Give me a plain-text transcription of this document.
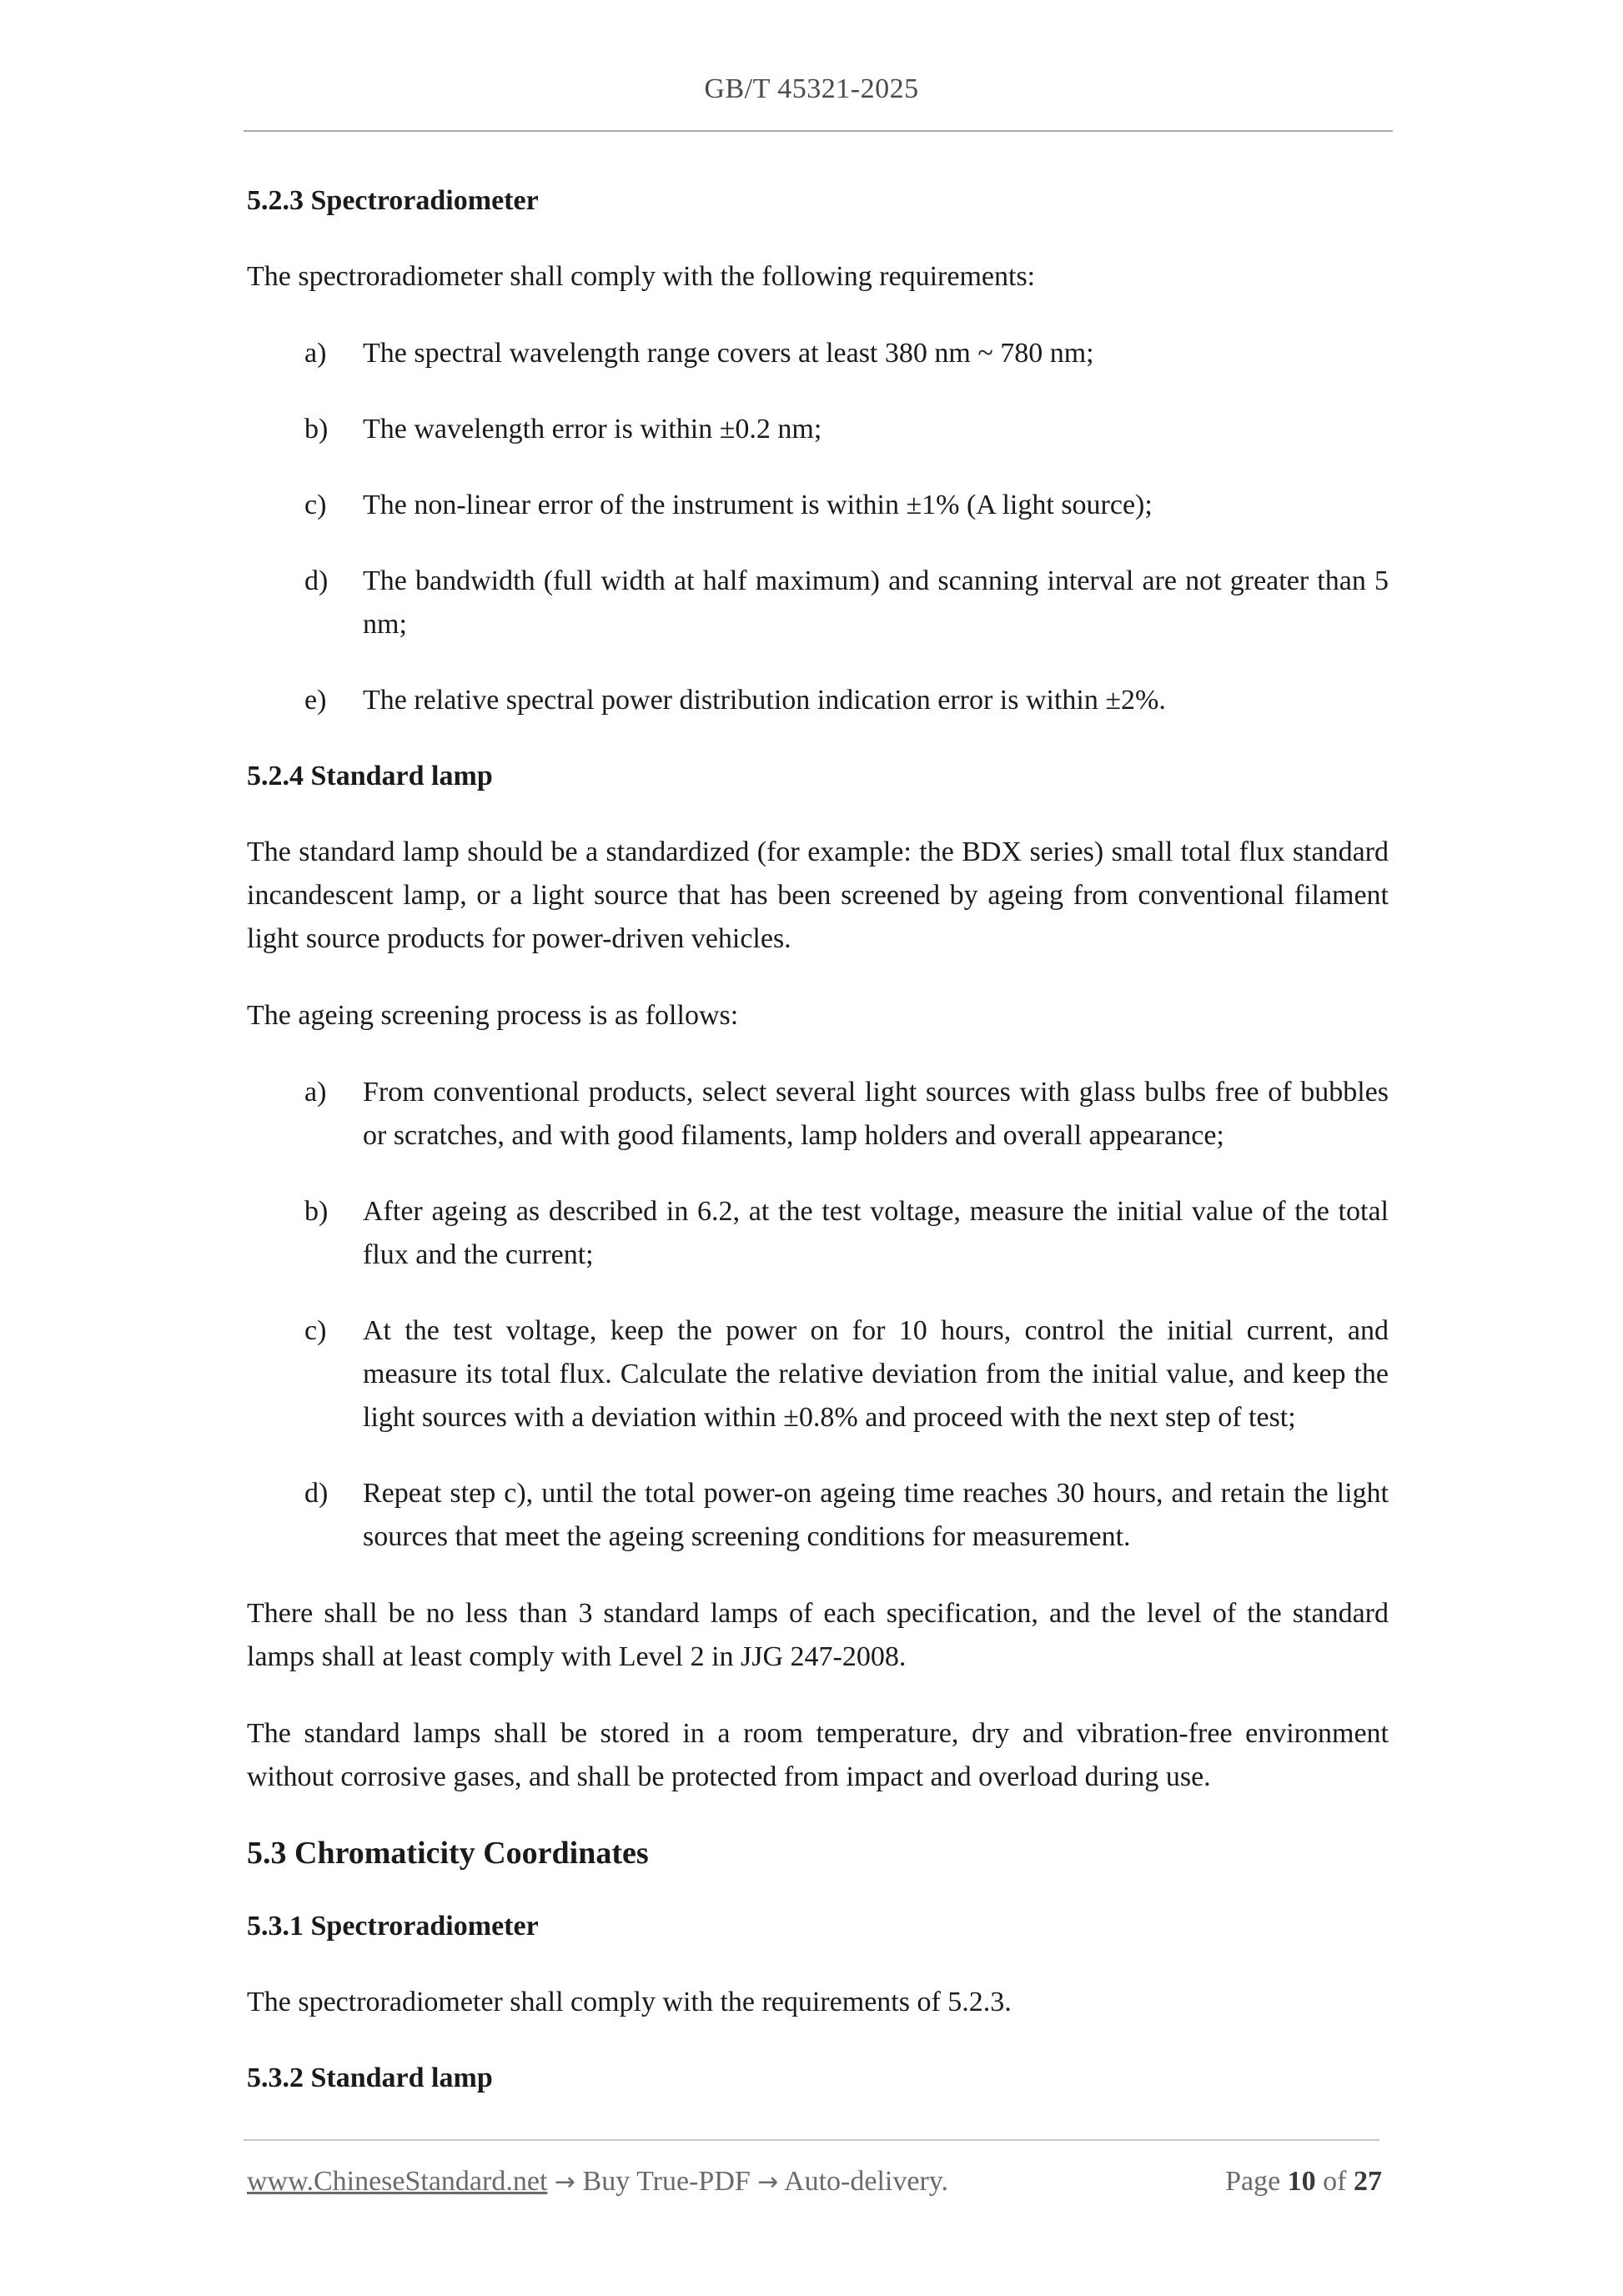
GB/T 45321-2025
5.2.3 Spectroradiometer
The spectroradiometer shall comply with the following requirements:
a) The spectral wavelength range covers at least 380 nm ~ 780 nm;
b) The wavelength error is within ±0.2 nm;
c) The non-linear error of the instrument is within ±1% (A light source);
d) The bandwidth (full width at half maximum) and scanning interval are not greater than 5 nm;
e) The relative spectral power distribution indication error is within ±2%.
5.2.4 Standard lamp
The standard lamp should be a standardized (for example: the BDX series) small total flux standard incandescent lamp, or a light source that has been screened by ageing from conventional filament light source products for power-driven vehicles.
The ageing screening process is as follows:
a) From conventional products, select several light sources with glass bulbs free of bubbles or scratches, and with good filaments, lamp holders and overall appearance;
b) After ageing as described in 6.2, at the test voltage, measure the initial value of the total flux and the current;
c) At the test voltage, keep the power on for 10 hours, control the initial current, and measure its total flux. Calculate the relative deviation from the initial value, and keep the light sources with a deviation within ±0.8% and proceed with the next step of test;
d) Repeat step c), until the total power-on ageing time reaches 30 hours, and retain the light sources that meet the ageing screening conditions for measurement.
There shall be no less than 3 standard lamps of each specification, and the level of the standard lamps shall at least comply with Level 2 in JJG 247-2008.
The standard lamps shall be stored in a room temperature, dry and vibration-free environment without corrosive gases, and shall be protected from impact and overload during use.
5.3 Chromaticity Coordinates
5.3.1 Spectroradiometer
The spectroradiometer shall comply with the requirements of 5.2.3.
5.3.2 Standard lamp
www.ChineseStandard.net → Buy True-PDF → Auto-delivery.	Page 10 of 27
